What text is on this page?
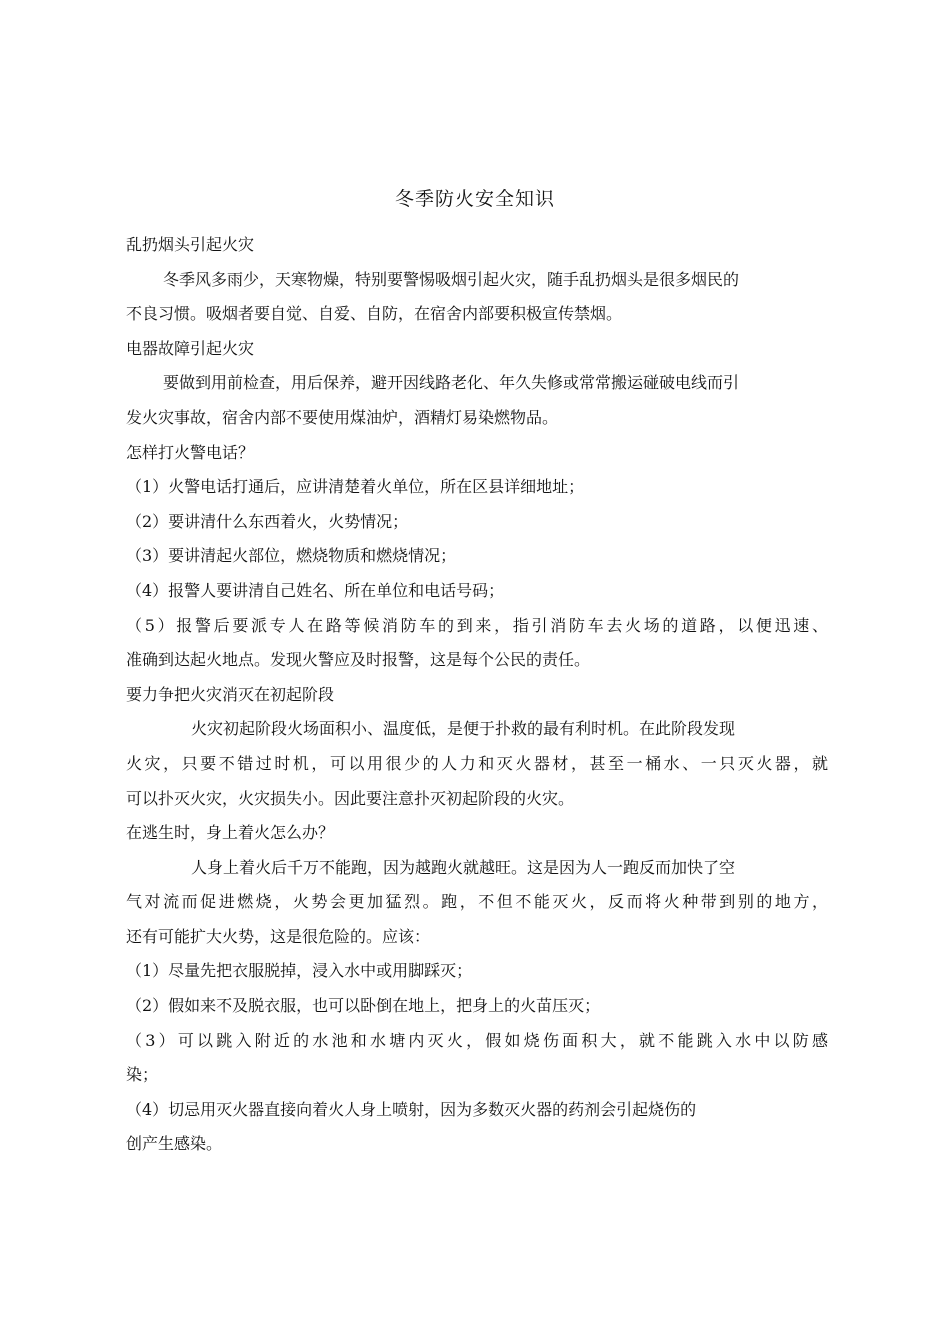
冬季防火安全知识
乱扔烟头引起火灾
冬季风多雨少，天寒物燥，特别要警惕吸烟引起火灾，随手乱扔烟头是很多烟民的
不良习惯。吸烟者要自觉、自爱、自防，在宿舍内部要积极宣传禁烟。
电器故障引起火灾
要做到用前检查，用后保养，避开因线路老化、年久失修或常常搬运碰破电线而引
发火灾事故，宿舍内部不要使用煤油炉，酒精灯易染燃物品。
怎样打火警电话？
（1）火警电话打通后，应讲清楚着火单位，所在区县详细地址；
（2）要讲清什么东西着火，火势情况；
（3）要讲清起火部位，燃烧物质和燃烧情况；
（4）报警人要讲清自己姓名、所在单位和电话号码；
（5）报警后要派专人在路等候消防车的到来，指引消防车去火场的道路，以便迅速、
准确到达起火地点。发现火警应及时报警，这是每个公民的责任。
要力争把火灾消灭在初起阶段
火灾初起阶段火场面积小、温度低，是便于扑救的最有利时机。在此阶段发现
火灾，只要不错过时机，可以用很少的人力和灭火器材，甚至一桶水、一只灭火器，就
可以扑灭火灾，火灾损失小。因此要注意扑灭初起阶段的火灾。
在逃生时，身上着火怎么办？
人身上着火后千万不能跑，因为越跑火就越旺。这是因为人一跑反而加快了空
气对流而促进燃烧，火势会更加猛烈。跑，不但不能灭火，反而将火种带到别的地方，
还有可能扩大火势，这是很危险的。应该：
（1）尽量先把衣服脱掉，浸入水中或用脚踩灭；
（2）假如来不及脱衣服，也可以卧倒在地上，把身上的火苗压灭；
（3）可以跳入附近的水池和水塘内灭火，假如烧伤面积大，就不能跳入水中以防感
染；
（4）切忌用灭火器直接向着火人身上喷射，因为多数灭火器的药剂会引起烧伤的
创产生感染。
